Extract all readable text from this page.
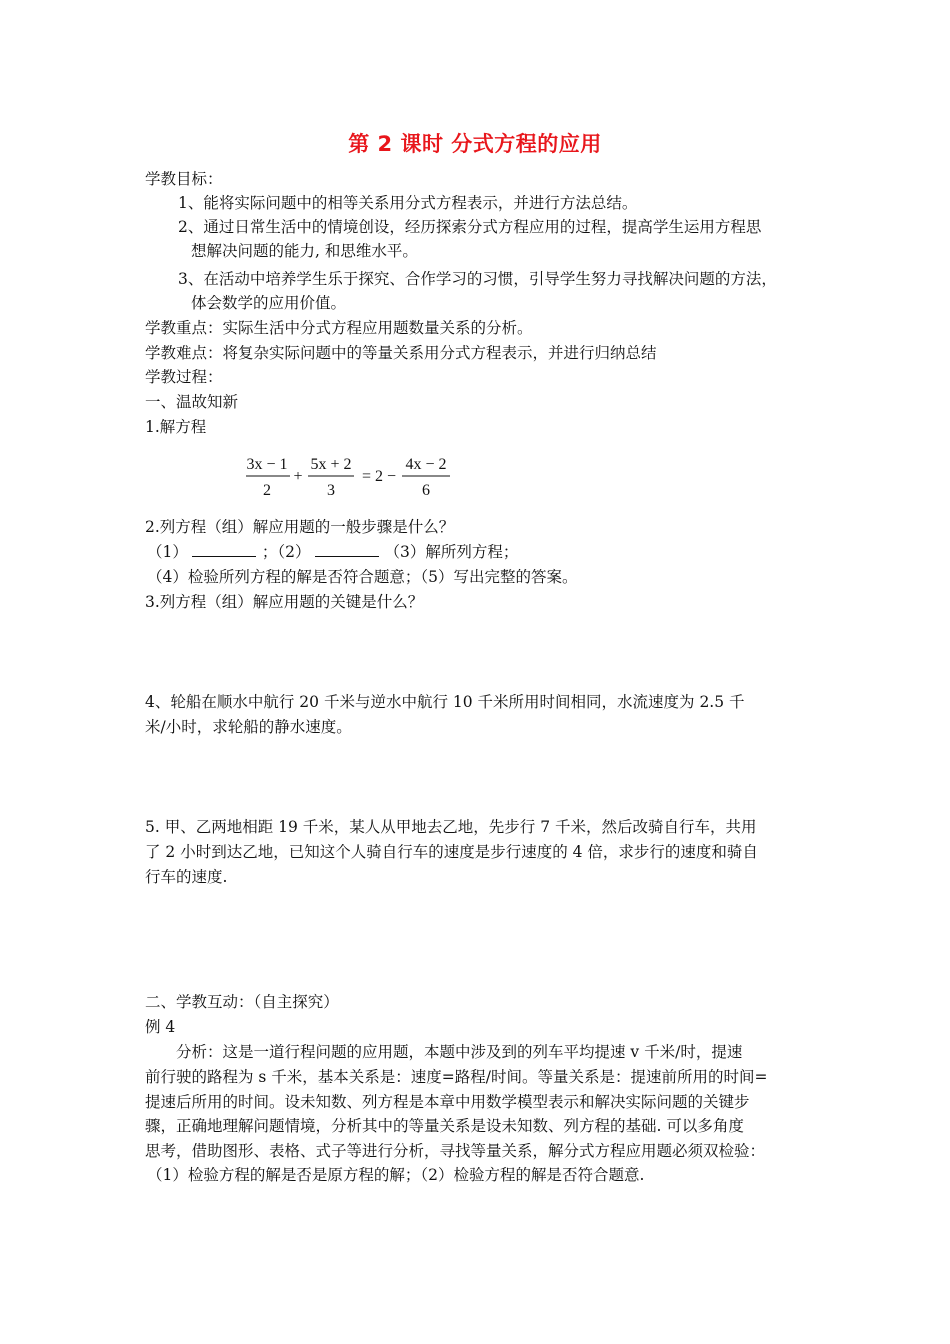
第 2 课时 分式方程的应用
学教目标：
1、能将实际问题中的相等关系用分式方程表示，并进行方法总结。
2、通过日常生活中的情境创设，经历探索分式方程应用的过程，提高学生运用方程思
想解决问题的能力, 和思维水平。
3、在活动中培养学生乐于探究、合作学习的习惯，引导学生努力寻找解决问题的方法，
体会数学的应用价值。
学教重点：实际生活中分式方程应用题数量关系的分析。
学教难点：将复杂实际问题中的等量关系用分式方程表示，并进行归纳总结
学教过程：
一、温故知新
1.解方程
3x − 1
2
+
5x + 2
3
= 2 −
4x − 2
6
2.列方程（组）解应用题的一般步骤是什么？
（1）	；（2）	（3）解所列方程；
（4）检验所列方程的解是否符合题意；（5）写出完整的答案。
3.列方程（组）解应用题的关键是什么？
4、轮船在顺水中航行 20 千米与逆水中航行 10 千米所用时间相同，水流速度为 2.5 千
米/小时，求轮船的静水速度。
5. 甲、乙两地相距 19 千米，某人从甲地去乙地，先步行 7 千米，然后改骑自行车，共用
了 2 小时到达乙地，已知这个人骑自行车的速度是步行速度的 4 倍，求步行的速度和骑自
行车的速度.
二、学教互动：（自主探究）
例 4
　　分析：这是一道行程问题的应用题，本题中涉及到的列车平均提速 v 千米/时，提速
前行驶的路程为 s 千米，基本关系是：速度=路程/时间。等量关系是：提速前所用的时间=
提速后所用的时间。设未知数、列方程是本章中用数学模型表示和解决实际问题的关键步
骤，正确地理解问题情境，分析其中的等量关系是设未知数、列方程的基础. 可以多角度
思考，借助图形、表格、式子等进行分析，寻找等量关系，解分式方程应用题必须双检验：
（1）检验方程的解是否是原方程的解；（2）检验方程的解是否符合题意.
